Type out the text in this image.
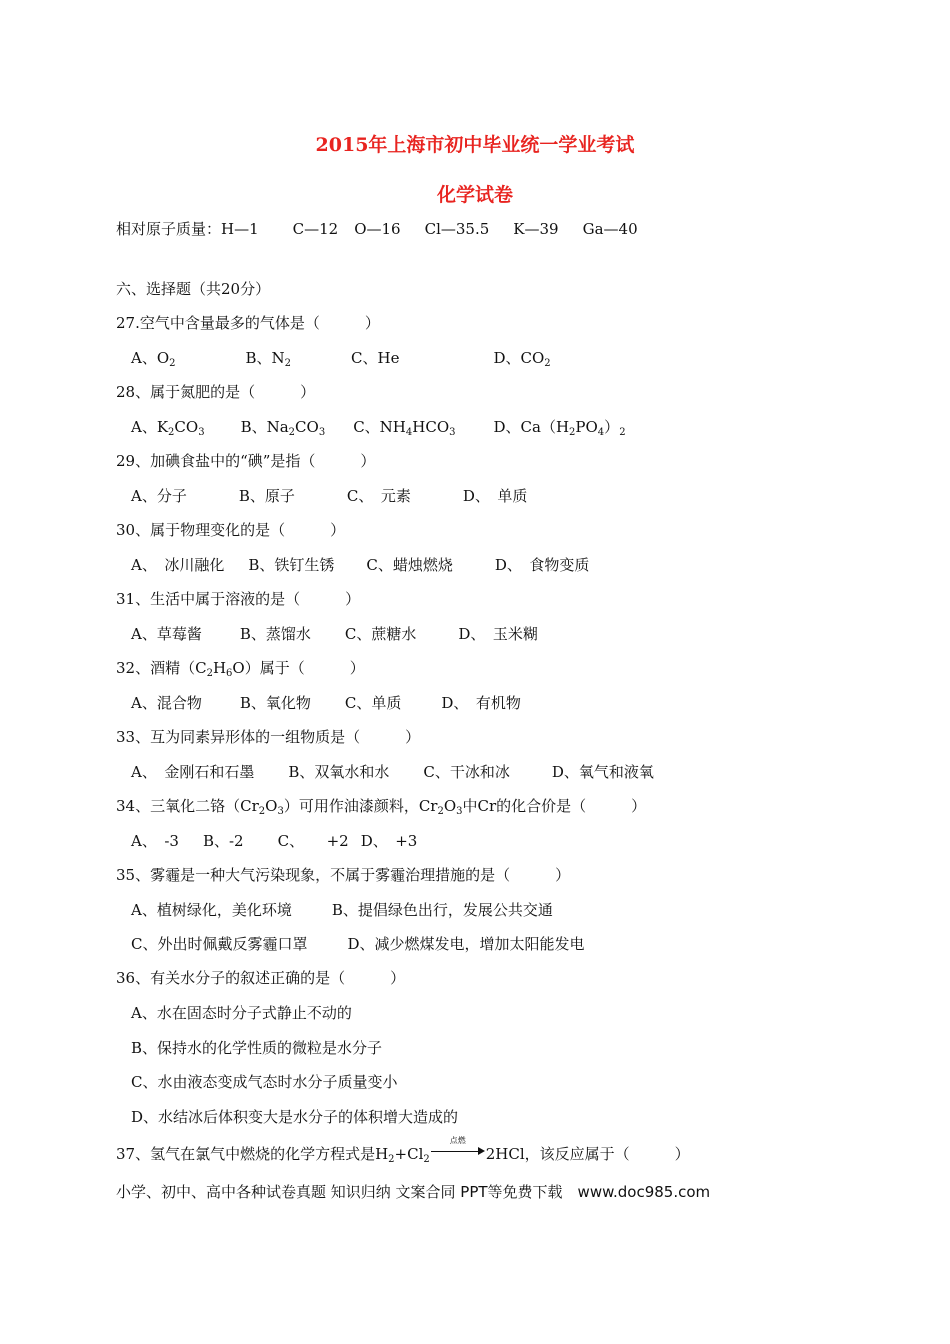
2015年上海市初中毕业统一学业考试
化学试卷
相对原子质量：H—1 C—12 O—16 Cl—35.5 K—39 Ga—40
六、选择题（共20分）
27.空气中含量最多的气体是（　　　）
A、$O_2$	B、$N_2$	C、He	D、$CO_2$
28、属于氮肥的是（　　　）
A、$K_2CO_3$ B、$Na_2CO_3$ C、$NH_4HCO_3$	D、$Ca(H_2PO_4)_2$
29、加碘食盐中的“碘”是指（　　　）
A、分子	B、原子	C、　元素	D、　单质
30、属于物理变化的是（　　　）
A、　冰川融化 B、铁钉生锈 C、蜡烛燃烧	D、　食物变质
31、生活中属于溶液的是（　　　）
A、草莓酱	B、蒸馏水 C、蔗糖水	D、　玉米糊
32、酒精$(C_2H_6O)$属于（　　　）
A、混合物	B、氧化物 C、单质	D、　有机物
33、互为同素异形体的一组物质是（　　　）
A、　金刚石和石墨 B、双氧水和水 C、干冰和冰	D、氧气和液氧
34、三氧化二铬$(Cr_2O_3)$可用作油漆颜料，$Cr_2O_3$中Cr的化合价是（　　　）
A、　-3 B、-2 C、　　+2 D、　+3
35、雾霾是一种大气污染现象，不属于雾霾治理措施的是（　　　）
A、植树绿化，美化环境	B、提倡绿色出行，发展公共交通
C、外出时佩戴反雾霾口罩	D、减少燃煤发电，增加太阳能发电
36、有关水分子的叙述正确的是（　　　）
A、水在固态时分子式静止不动的
B、保持水的化学性质的微粒是水分子
C、水由液态变成气态时水分子质量变小
D、水结冰后体积变大是水分子的体积增大造成的
37、氢气在氯气中燃烧的化学方程式是$H_2+Cl_2$
点燃
2HCl，该反应属于（　　　）
小学、初中、高中各种试卷真题 知识归纳 文案合同 PPT等免费下载　www.doc985.com
